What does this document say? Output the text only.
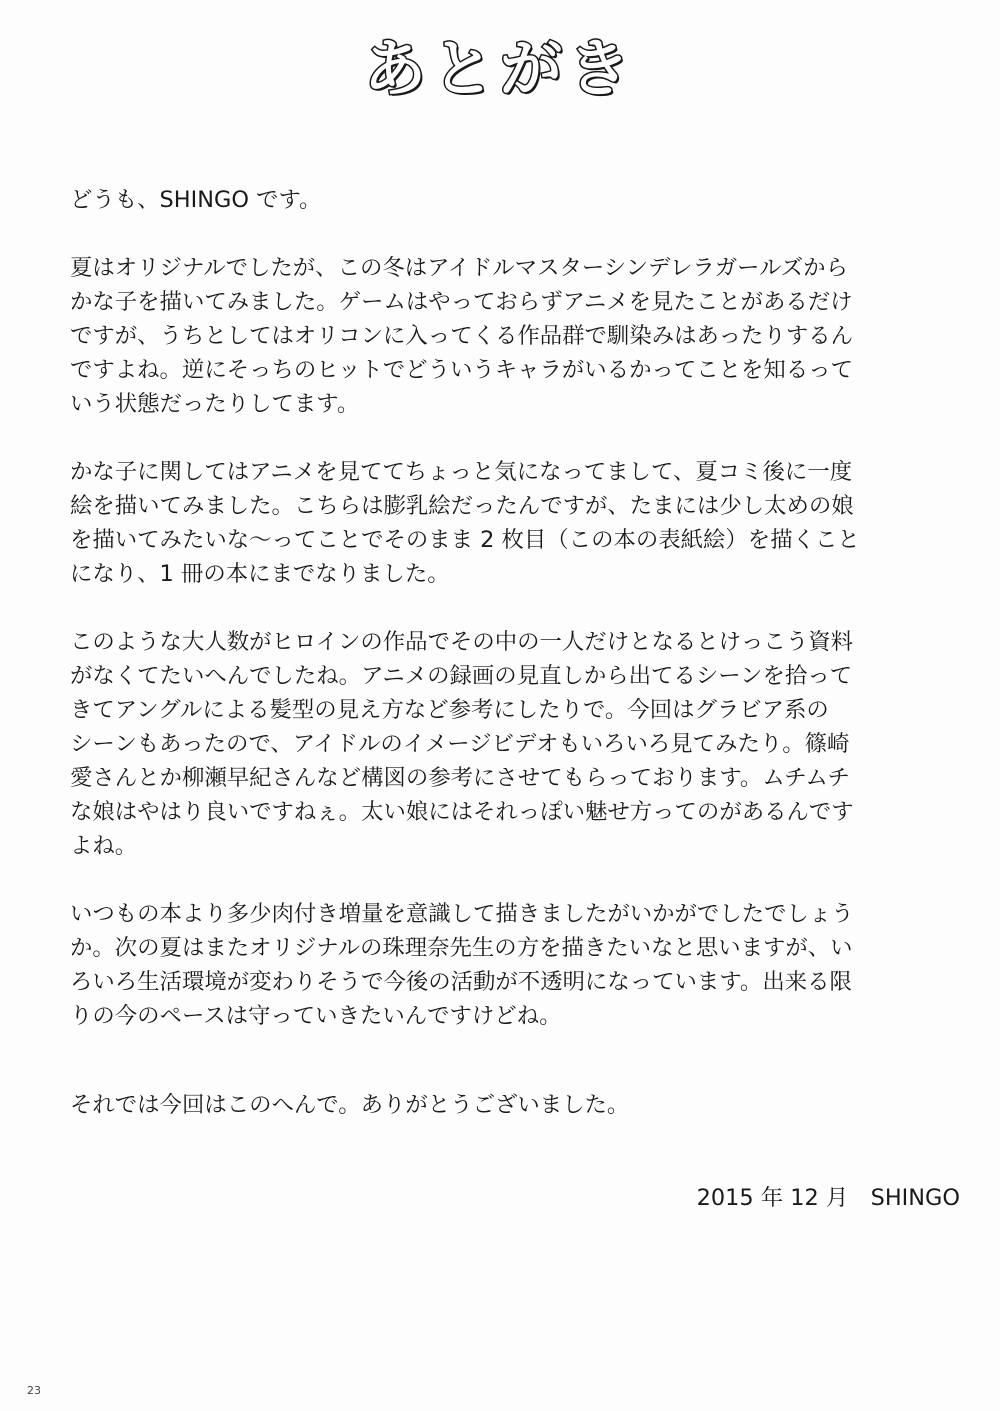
あとがき

どうも、SHINGO です。

夏はオリジナルでしたが、この冬はアイドルマスターシンデレラガールズから
かな子を描いてみました。ゲームはやっておらずアニメを見たことがあるだけ
ですが、うちとしてはオリコンに入ってくる作品群で馴染みはあったりするん
ですよね。逆にそっちのヒットでどういうキャラがいるかってことを知るって
いう状態だったりしてます。

かな子に関してはアニメを見ててちょっと気になってまして、夏コミ後に一度
絵を描いてみました。こちらは膨乳絵だったんですが、たまには少し太めの娘
を描いてみたいな〜ってことでそのまま 2 枚目（この本の表紙絵）を描くこと
になり、1 冊の本にまでなりました。

このような大人数がヒロインの作品でその中の一人だけとなるとけっこう資料
がなくてたいへんでしたね。アニメの録画の見直しから出てるシーンを拾って
きてアングルによる髪型の見え方など参考にしたりで。今回はグラビア系の
シーンもあったので、アイドルのイメージビデオもいろいろ見てみたり。篠崎
愛さんとか柳瀬早紀さんなど構図の参考にさせてもらっております。ムチムチ
な娘はやはり良いですねぇ。太い娘にはそれっぽい魅せ方ってのがあるんです
よね。

いつもの本より多少肉付き増量を意識して描きましたがいかがでしたでしょう
か。次の夏はまたオリジナルの珠理奈先生の方を描きたいなと思いますが、い
ろいろ生活環境が変わりそうで今後の活動が不透明になっています。出来る限
りの今のペースは守っていきたいんですけどね。

それでは今回はこのへんで。ありがとうございました。

2015 年 12 月　SHINGO
23
